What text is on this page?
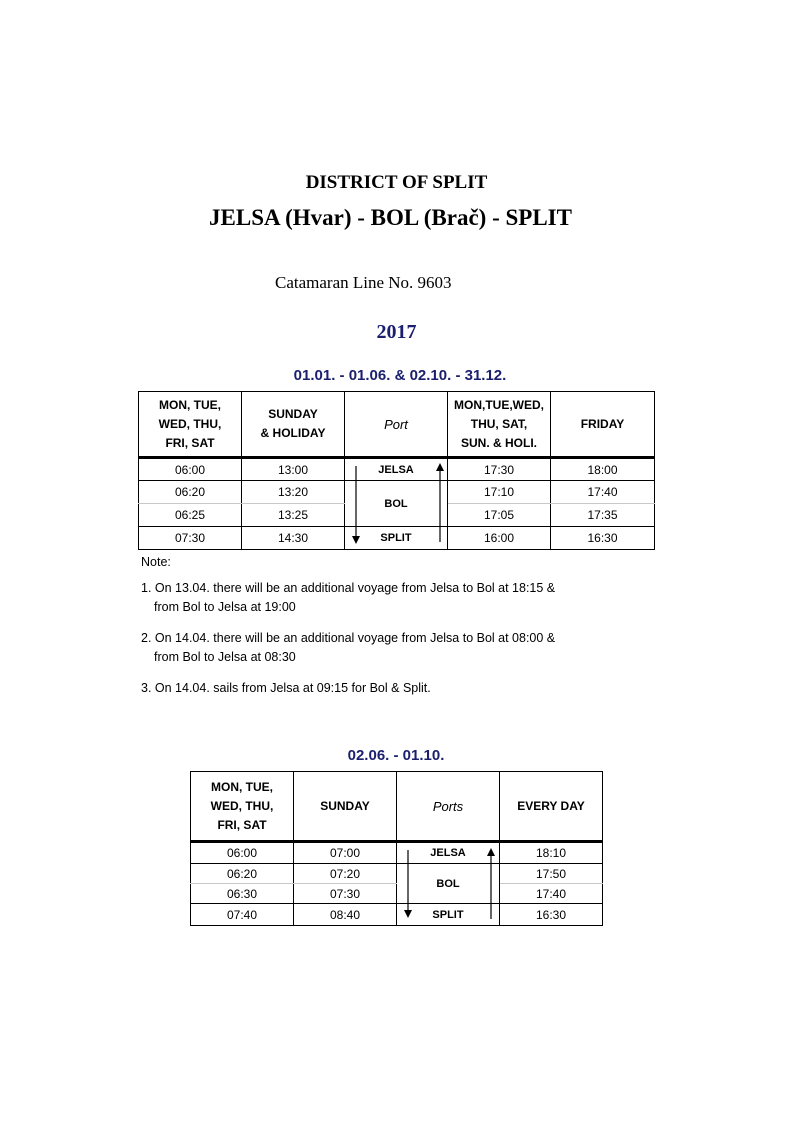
DISTRICT OF SPLIT
JELSA (Hvar) - BOL (Brač) - SPLIT
Catamaran Line No. 9603
2017
01.01. - 01.06. & 02.10. - 31.12.
MON, TUE,
WED, THU,
FRI, SAT	SUNDAY
& HOLIDAY	Port	MON,TUE,WED,
THU, SAT,
SUN. & HOLI.	FRIDAY
06:00	13:00	JELSA	17:30	18:00
06:20	13:20	BOL	17:10	17:40
06:25	13:25		17:05	17:35
07:30	14:30	SPLIT	16:00	16:30
Note:
1. On 13.04. there will be an additional voyage from Jelsa to Bol at 18:15 &
from Bol to Jelsa at 19:00
2. On 14.04. there will be an additional voyage from Jelsa to Bol at 08:00 &
from Bol to Jelsa at 08:30
3. On 14.04. sails from Jelsa at 09:15 for Bol & Split.
02.06. - 01.10.
MON, TUE,
WED, THU,
FRI, SAT	SUNDAY	Ports	EVERY DAY
06:00	07:00	JELSA	18:10
06:20	07:20	BOL	17:50
06:30	07:30		17:40
07:40	08:40	SPLIT	16:30
